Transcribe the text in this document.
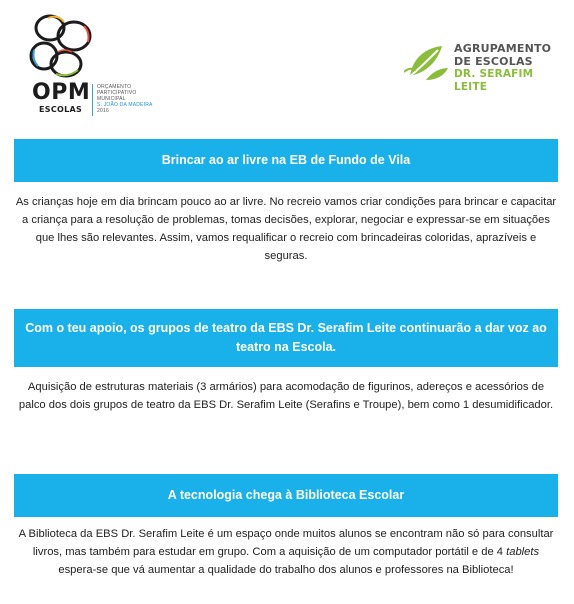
OPM
ESCOLAS
ORÇAMENTO
PARTICIPATIVO
MUNICIPAL
S. JOÃO DA MADEIRA
2016
AGRUPAMENTO
DE ESCOLAS
DR. SERAFIM LEITE
Brincar ao ar livre na EB de Fundo de Vila
As crianças hoje em dia brincam pouco ao ar livre. No recreio vamos criar condições para brincar e capacitar a criança para a resolução de problemas, tomas decisões, explorar, negociar e expressar-se em situações que lhes são relevantes. Assim, vamos requalificar o recreio com brincadeiras coloridas, aprazíveis e seguras.
Com o teu apoio, os grupos de teatro da EBS Dr. Serafim Leite continuarão a dar voz ao teatro na Escola.
Aquisição de estruturas materiais (3 armários) para acomodação de figurinos, adereços e acessórios de palco dos dois grupos de teatro da EBS Dr. Serafim Leite (Serafins e Troupe), bem como 1 desumidificador.
A tecnologia chega à Biblioteca Escolar
A Biblioteca da EBS Dr. Serafim Leite é um espaço onde muitos alunos se encontram não só para consultar livros, mas também para estudar em grupo. Com a aquisição de um computador portátil e de 4 tablets espera-se que vá aumentar a qualidade do trabalho dos alunos e professores na Biblioteca!
